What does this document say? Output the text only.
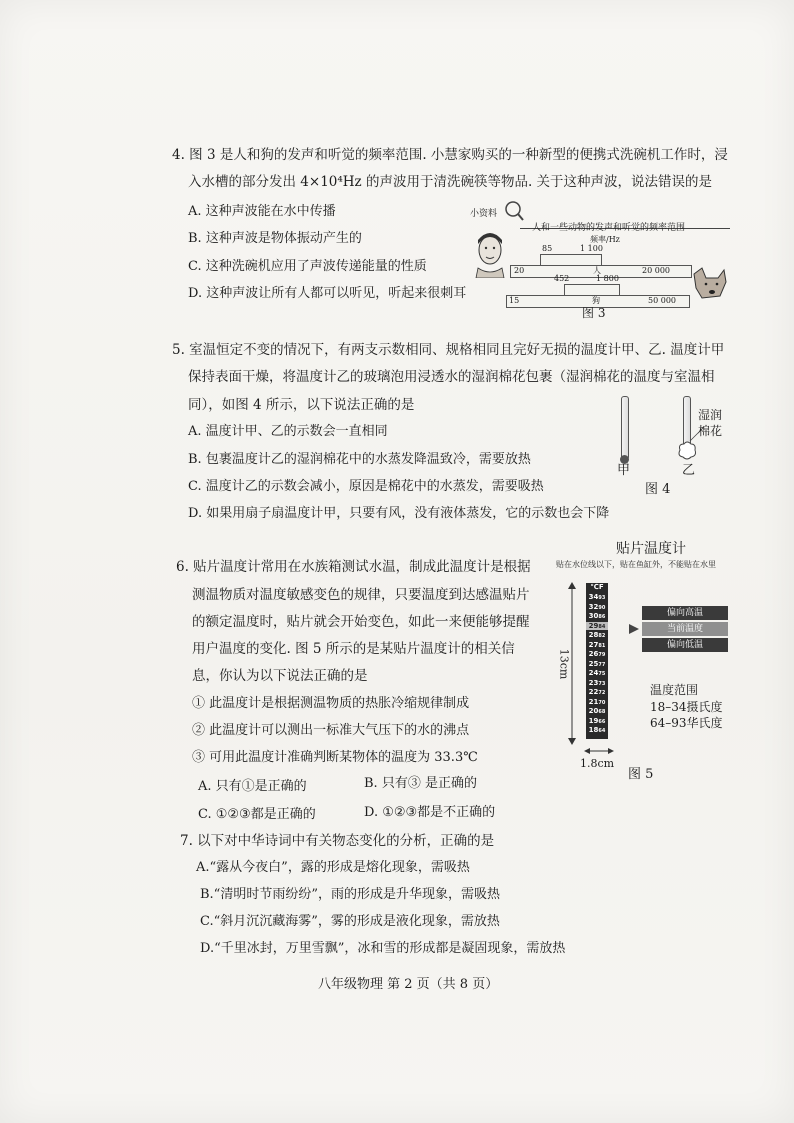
4. 图 3 是人和狗的发声和听觉的频率范围. 小慧家购买的一种新型的便携式洗碗机工作时，浸
入水槽的部分发出 4×10⁴Hz 的声波用于清洗碗筷等物品. 关于这种声波，说法错误的是
A. 这种声波能在水中传播
B. 这种声波是物体振动产生的
C. 这种洗碗机应用了声波传递能量的性质
D. 这种声波让所有人都可以听见，听起来很刺耳
小资料
人和一些动物的发声和听觉的频率范围
频率/Hz
85	1 100
20	人	20 000
452	1 800
15	狗	50 000
图 3
5. 室温恒定不变的情况下，有两支示数相同、规格相同且完好无损的温度计甲、乙. 温度计甲
保持表面干燥，将温度计乙的玻璃泡用浸透水的湿润棉花包裹（湿润棉花的温度与室温相
同），如图 4 所示，以下说法正确的是
A. 温度计甲、乙的示数会一直相同
B. 包裹温度计乙的湿润棉花中的水蒸发降温致冷，需要放热
C. 温度计乙的示数会减小，原因是棉花中的水蒸发，需要吸热
D. 如果用扇子扇温度计甲，只要有风，没有液体蒸发，它的示数也会下降
湿润
棉花
甲	乙
图 4
6. 贴片温度计常用在水族箱测试水温，制成此温度计是根据
测温物质对温度敏感变色的规律，只要温度到达感温贴片
的额定温度时，贴片就会开始变色，如此一来便能够提醒
用户温度的变化. 图 5 所示的是某贴片温度计的相关信
息，你认为以下说法正确的是
① 此温度计是根据测温物质的热胀冷缩规律制成
② 此温度计可以测出一标准大气压下的水的沸点
③ 可用此温度计准确判断某物体的温度为 33.3℃
A. 只有①是正确的	B. 只有③ 是正确的
C. ①②③都是正确的	D. ①②③都是不正确的
贴片温度计
贴在水位线以下，贴在鱼缸外，不能贴在水里
13cm
℃F
3493
3290
3086
2984
2882
2781
2679
2577
2475
2373
2272
2170
2068
1966
1864
1.8cm
图 5
偏向高温
当前温度
偏向低温
温度范围
18–34摄氏度
64–93华氏度
7. 以下对中华诗词中有关物态变化的分析，正确的是
A.“露从今夜白”，露的形成是熔化现象，需吸热
B.“清明时节雨纷纷”，雨的形成是升华现象，需吸热
C.“斜月沉沉藏海雾”，雾的形成是液化现象，需放热
D.“千里冰封，万里雪飘”，冰和雪的形成都是凝固现象，需放热
八年级物理 第 2 页（共 8 页）
